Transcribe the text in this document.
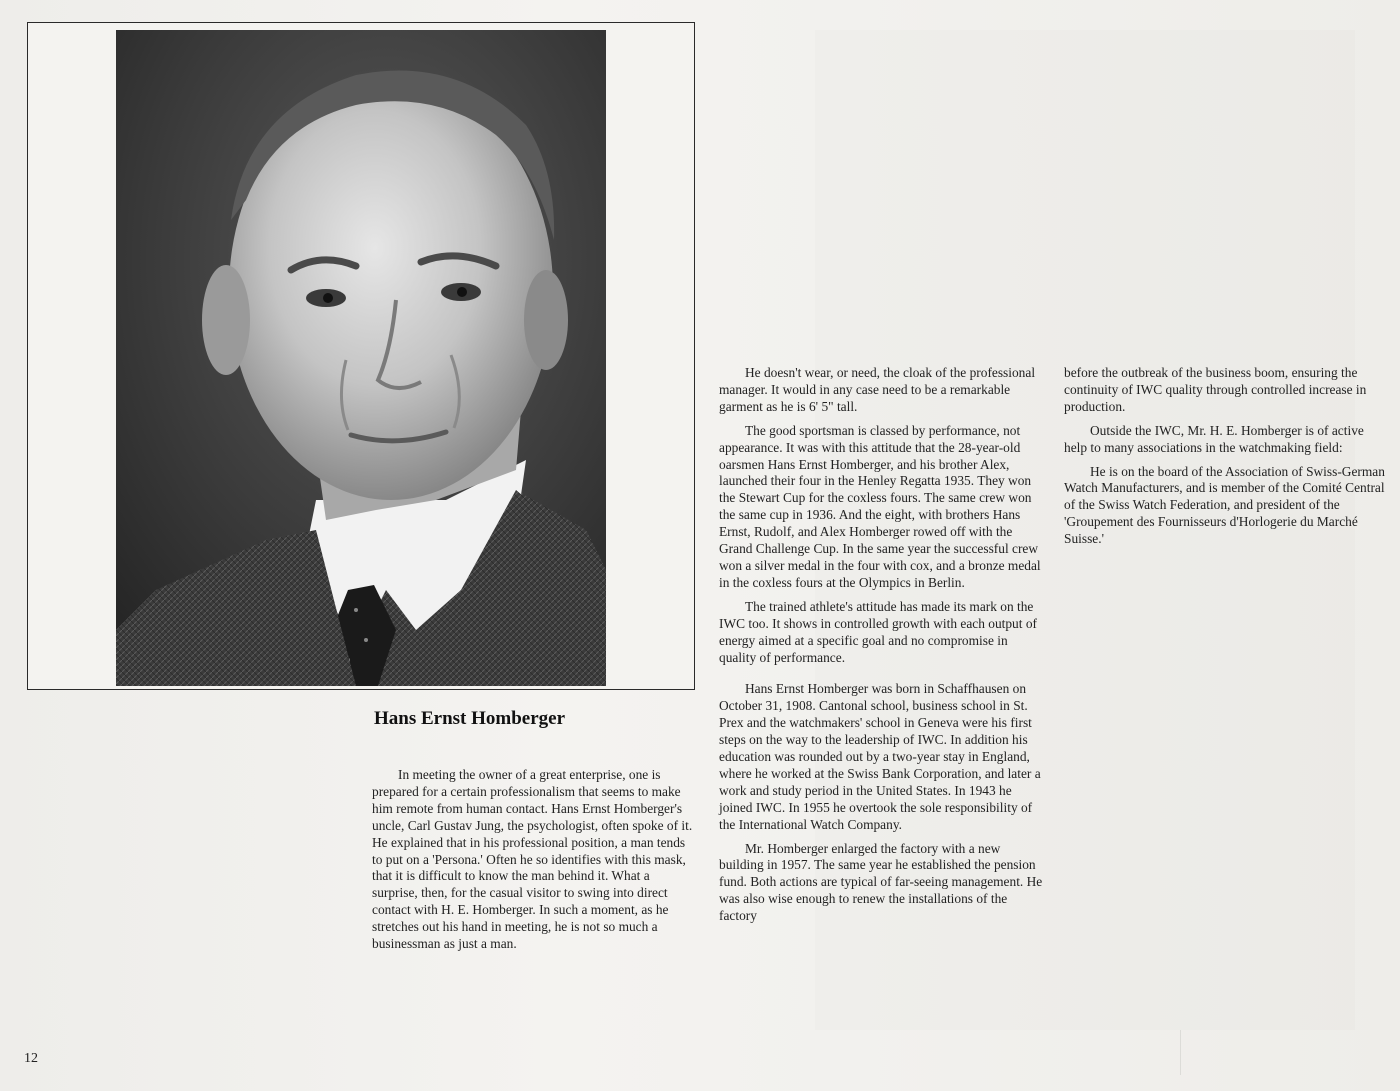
Hans Ernst Homberger

In meeting the owner of a great enterprise, one is prepared for a certain professionalism that seems to make him remote from human contact. Hans Ernst Homberger's uncle, Carl Gustav Jung, the psychologist, often spoke of it. He explained that in his professional position, a man tends to put on a 'Persona.' Often he so identifies with this mask, that it is difficult to know the man behind it. What a surprise, then, for the casual visitor to swing into direct contact with H. E. Homberger. In such a moment, as he stretches out his hand in meeting, he is not so much a businessman as just a man.

He doesn't wear, or need, the cloak of the professional manager. It would in any case need to be a remarkable garment as he is 6' 5" tall.

The good sportsman is classed by performance, not appearance. It was with this attitude that the 28-year-old oarsmen Hans Ernst Homberger, and his brother Alex, launched their four in the Henley Regatta 1935. They won the Stewart Cup for the coxless fours. The same crew won the same cup in 1936. And the eight, with brothers Hans Ernst, Rudolf, and Alex Homberger rowed off with the Grand Challenge Cup. In the same year the successful crew won a silver medal in the four with cox, and a bronze medal in the coxless fours at the Olympics in Berlin.

The trained athlete's attitude has made its mark on the IWC too. It shows in controlled growth with each output of energy aimed at a specific goal and no compromise in quality of performance.

Hans Ernst Homberger was born in Schaffhausen on October 31, 1908. Cantonal school, business school in St. Prex and the watchmakers' school in Geneva were his first steps on the way to the leadership of IWC. In addition his education was rounded out by a two-year stay in England, where he worked at the Swiss Bank Corporation, and later a work and study period in the United States. In 1943 he joined IWC. In 1955 he overtook the sole responsibility of the International Watch Company.

Mr. Homberger enlarged the factory with a new building in 1957. The same year he established the pension fund. Both actions are typical of far-seeing management. He was also wise enough to renew the installations of the factory

before the outbreak of the business boom, ensuring the continuity of IWC quality through controlled increase in production.

Outside the IWC, Mr. H. E. Homberger is of active help to many associations in the watchmaking field:

He is on the board of the Association of Swiss-German Watch Manufacturers, and is member of the Comité Central of the Swiss Watch Federation, and president of the 'Groupement des Fournisseurs d'Horlogerie du Marché Suisse.'

12
